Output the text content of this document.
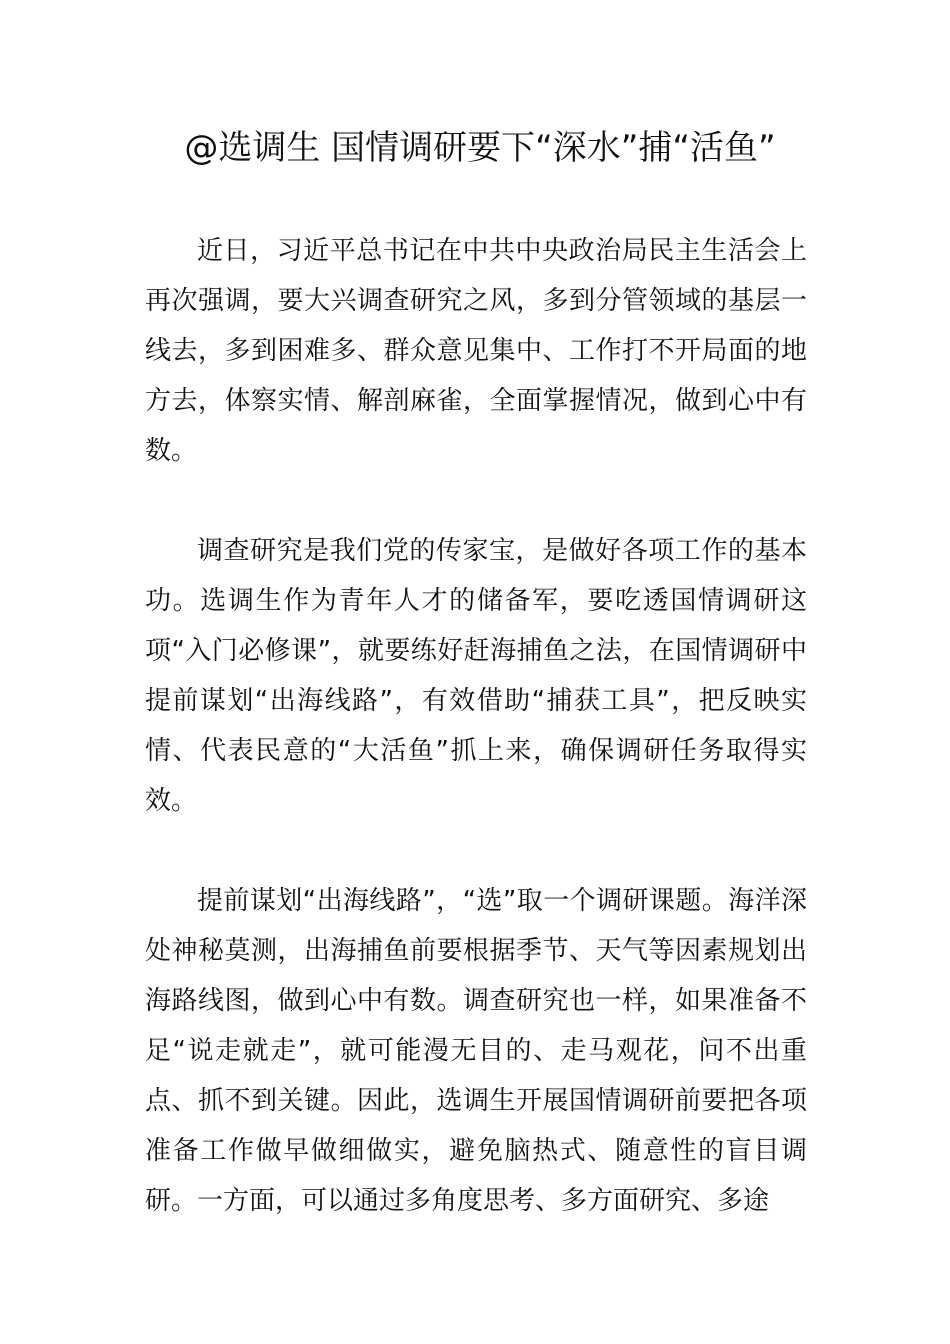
@选调生 国情调研要下“深水”捕“活鱼”

近日，习近平总书记在中共中央政治局民主生活会上再次强调，要大兴调查研究之风，多到分管领域的基层一线去，多到困难多、群众意见集中、工作打不开局面的地方去，体察实情、解剖麻雀，全面掌握情况，做到心中有数。

调查研究是我们党的传家宝，是做好各项工作的基本功。选调生作为青年人才的储备军，要吃透国情调研这项“入门必修课”，就要练好赶海捕鱼之法，在国情调研中提前谋划“出海线路”，有效借助“捕获工具”，把反映实情、代表民意的“大活鱼”抓上来，确保调研任务取得实效。

提前谋划“出海线路”，“选”取一个调研课题。海洋深处神秘莫测，出海捕鱼前要根据季节、天气等因素规划出海路线图，做到心中有数。调查研究也一样，如果准备不足“说走就走”，就可能漫无目的、走马观花，问不出重点、抓不到关键。因此，选调生开展国情调研前要把各项准备工作做早做细做实，避免脑热式、随意性的盲目调研。一方面，可以通过多角度思考、多方面研究、多途
